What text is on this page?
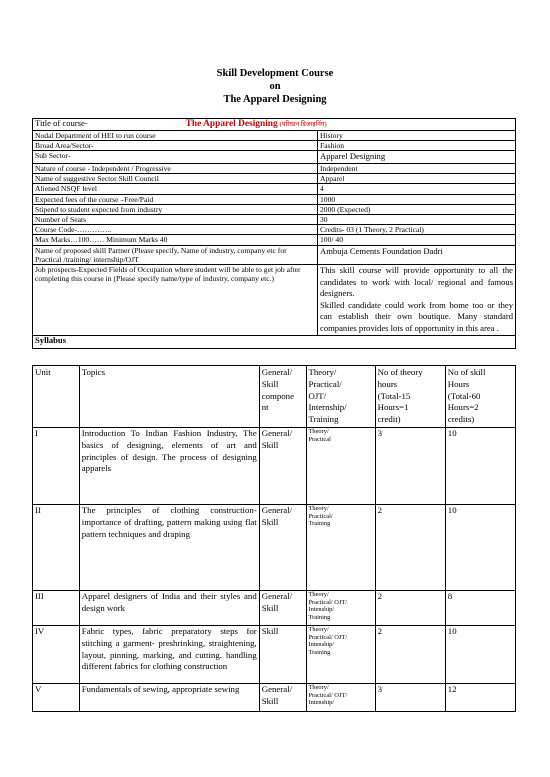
Skill Development Course
on
The Apparel Designing
Title of course- The Apparel Designing (परिधान डिजाइनिंग)	
Nodal Department of HEI to run course	History
Broad Area/Sector-	Fashion
Sub Sector-	Apparel Designing
Nature of course - Independent / Progressive	Independent
Name of suggestive Sector Skill Council	Apparel
Aliened NSQF level	4
Expected fees of the course –Free/Paid	1000
Stipend to student expected from industry	2000 (Expected)
Number of Seats	30
Course Code-…………..	Credits- 03 (1 Theory, 2 Practical)
Max Marks…100…… Minimum Marks 40	100/ 40
Name of proposed skill Partner (Please specify, Name of industry, company etc for Practical /training/ internship/OJT	Ambuja Cements Foundation Dadri
Job prospects-Expected Fields of Occupation where student will be able to get job after completing this course in (Please specify name/type of industry, company etc.)	This skill course will provide opportunity to all the candidates to work with local/ regional and famous designers.
Skilled candidate could work from home too or they can establish their own boutique. Many standard companies provides lots of opportunity in this area .
Syllabus	
Unit	Topics	General/
Skill
compone
nt	Theory/
Practical/
OJT/
Internship/
Training	No of theory
hours
(Total-15
Hours=1
credit)	No of skill
Hours
(Total-60
Hours=2
credits)
I	Introduction To Indian Fashion Industry, The basics of designing, elements of art and principles of design. The process of designing apparels	General/
Skill	Theory/
Practical	3	10
II	The principles of clothing construction-importance of drafting, pattern making using flat pattern techniques and draping	General/
Skill	Theory/
Practical/
Training	2	10
III	Apparel designers of India and their styles and design work	General/
Skill	Theory/
Practical/ OJT/
Intenship/
Training	2	8
IV	Fabric types, fabric preparatory steps for stitching a garment- preshrinking, straightening, layout, pinning, marking, and cutting. handling different fabrics for clothing construction	Skill	Theory/
Practical/ OJT/
Intenship/
Training	2	10
V	Fundamentals of sewing, appropriate sewing	General/
Skill	Theory/
Practical/ OJT/
Intenship/	3	12
